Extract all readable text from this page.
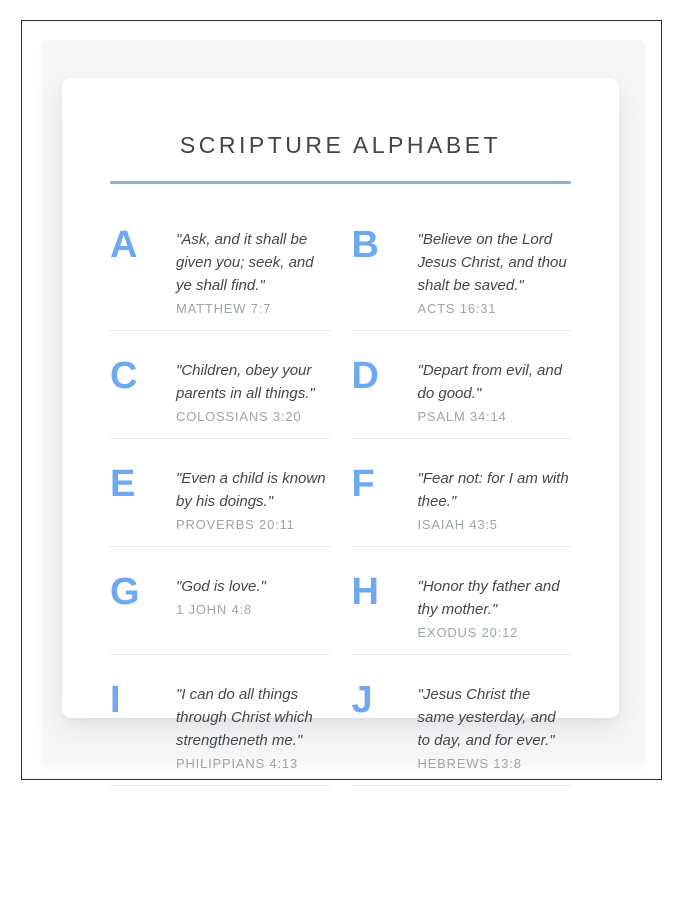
SCRIPTURE ALPHABET
A	"Ask, and it shall be given you; seek, and ye shall find."
MATTHEW 7:7
B	"Believe on the Lord Jesus Christ, and thou shalt be saved."
ACTS 16:31
C	"Children, obey your parents in all things."
COLOSSIANS 3:20
D	"Depart from evil, and do good."
PSALM 34:14
E	"Even a child is known by his doings."
PROVERBS 20:11
F	"Fear not: for I am with thee."
ISAIAH 43:5
G	"God is love."
1 JOHN 4:8	H	"Honor thy father and thy mother."
EXODUS 20:12
I	"I can do all things through Christ which strengtheneth me."
PHILIPPIANS 4:13
J	"Jesus Christ the same yesterday, and to day, and for ever."
HEBREWS 13:8
